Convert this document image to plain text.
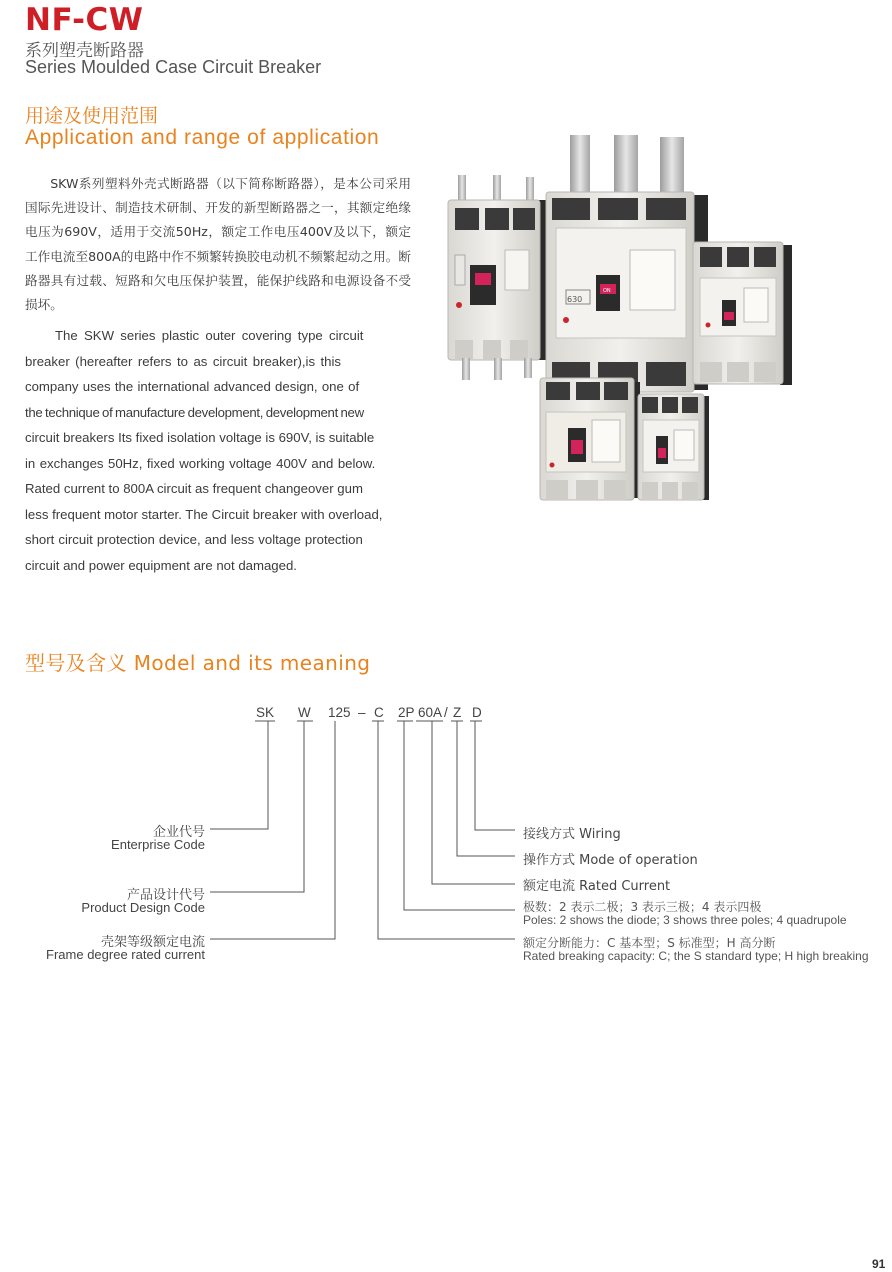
NF-CW
系列塑壳断路器
Series Moulded Case Circuit Breaker
用途及使用范围
Application and range of application
SKW系列塑料外壳式断路器（以下简称断路器），是本公司采用国际先进设计、制造技术研制、开发的新型断路器之一，其额定绝缘电压为690V，适用于交流50Hz，额定工作电压400V及以下，额定工作电流至800A的电路中作不频繁转换胶电动机不频繁起动之用。断路器具有过载、短路和欠电压保护装置，能保护线路和电源设备不受损坏。
The SKW series plastic outer covering type circuit
breaker (hereafter refers to as circuit breaker),is this
company uses the international advanced design, one of
the technique of manufacture development, development new
circuit breakers Its fixed isolation voltage is 690V, is suitable
in exchanges 50Hz, fixed working voltage 400V and below.
Rated current to 800A circuit as frequent changeover gum
less frequent motor starter. The Circuit breaker with overload,
short circuit protection device, and less voltage protection
circuit and power equipment are not damaged.
ON
630
型号及含义 Model and its meaning
SK W 125 – C 2P 60A / Z D
企业代号
Enterprise Code
产品设计代号
Product Design Code
壳架等级额定电流
Frame degree rated current
接线方式 Wiring
操作方式 Mode of operation
额定电流 Rated Current
极数：2 表示二极；3 表示三极；4 表示四极
Poles: 2 shows the diode; 3 shows three poles; 4 quadrupole
额定分断能力：C 基本型；S 标准型；H 高分断
Rated breaking capacity: C; the S standard type; H high breaking
91
